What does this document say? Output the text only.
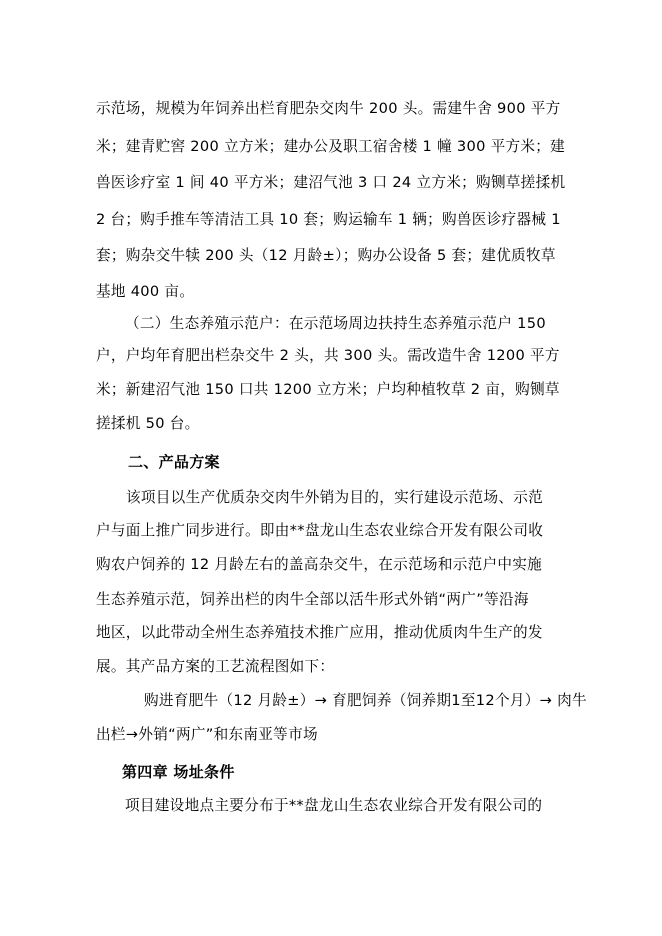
示范场，规模为年饲养出栏育肥杂交肉牛 200 头。需建牛舍 900 平方
米；建青贮窖 200 立方米；建办公及职工宿舍楼 1 幢 300 平方米；建
兽医诊疗室 1 间 40 平方米；建沼气池 3 口 24 立方米；购铡草搓揉机
2 台；购手推车等清洁工具 10 套；购运输车 1 辆；购兽医诊疗器械 1
套；购杂交牛犊 200 头（12 月龄±）；购办公设备 5 套；建优质牧草
基地 400 亩。
（二）生态养殖示范户：在示范场周边扶持生态养殖示范户 150
户，户均年育肥出栏杂交牛 2 头，共 300 头。需改造牛舍 1200 平方
米；新建沼气池 150 口共 1200 立方米；户均种植牧草 2 亩，购铡草
搓揉机 50 台。
二、产品方案
该项目以生产优质杂交肉牛外销为目的，实行建设示范场、示范
户与面上推广同步进行。即由**盘龙山生态农业综合开发有限公司收
购农户饲养的 12 月龄左右的盖高杂交牛，在示范场和示范户中实施
生态养殖示范，饲养出栏的肉牛全部以活牛形式外销“两广”等沿海
地区，以此带动全州生态养殖技术推广应用，推动优质肉牛生产的发
展。其产品方案的工艺流程图如下：
购进育肥牛（12 月龄±）→ 育肥饲养（饲养期1至12个月）→ 肉牛
出栏→外销“两广”和东南亚等市场
第四章 场址条件
项目建设地点主要分布于**盘龙山生态农业综合开发有限公司的
